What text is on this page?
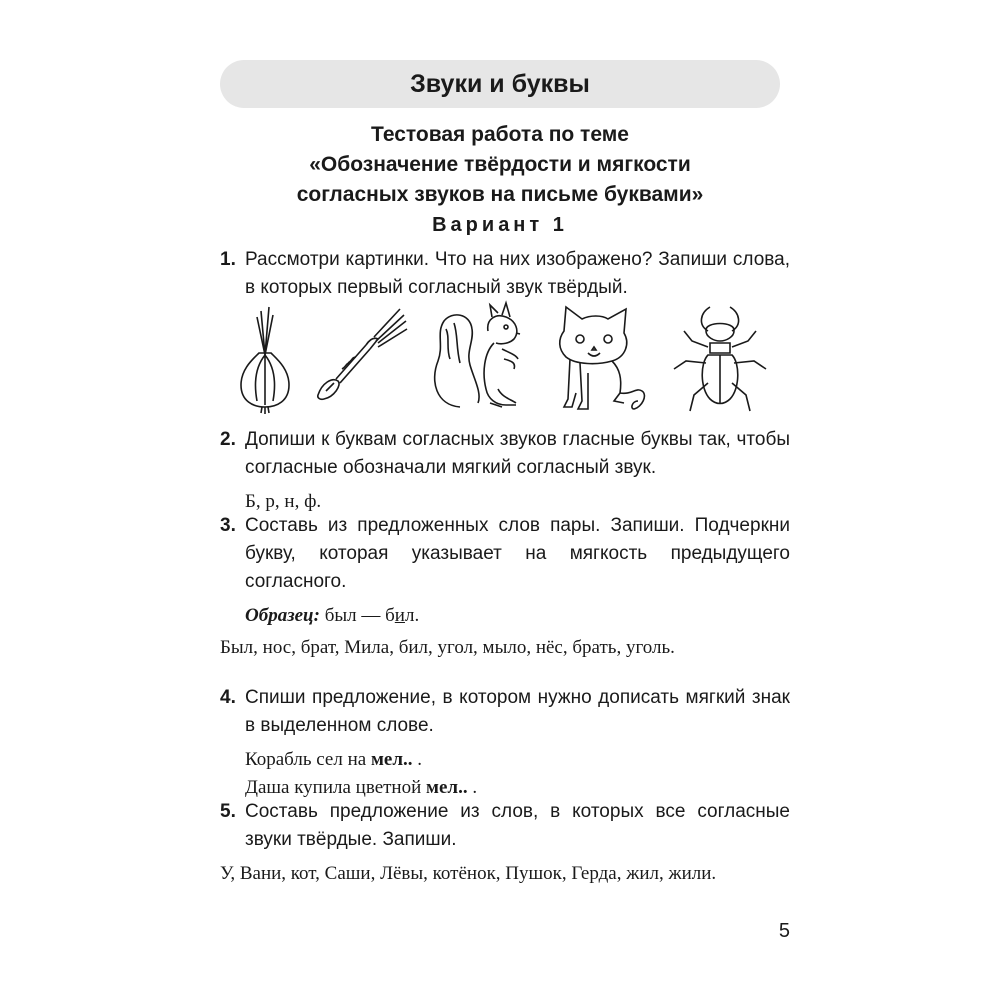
Звуки и буквы
Тестовая работа по теме
«Обозначение твёрдости и мягкости
согласных звуков на письме буквами»
Вариант 1
1. Рассмотри картинки. Что на них изображено? Запиши слова, в которых первый согласный звук твёрдый.
2. Допиши к буквам согласных звуков гласные буквы так, чтобы согласные обозначали мягкий согласный звук.
Б, р, н, ф.
3. Составь из предложенных слов пары. Запиши. Подчеркни букву, которая указывает на мягкость предыдущего согласного.
Образец: был — бил.
Был, нос, брат, Мила, бил, угол, мыло, нёс, брать, уголь.
4. Спиши предложение, в котором нужно дописать мягкий знак в выделенном слове.
Корабль сел на мел.. .
Даша купила цветной мел.. .
5. Составь предложение из слов, в которых все согласные звуки твёрдые. Запиши.
У, Вани, кот, Саши, Лёвы, котёнок, Пушок, Герда, жил, жили.
5
